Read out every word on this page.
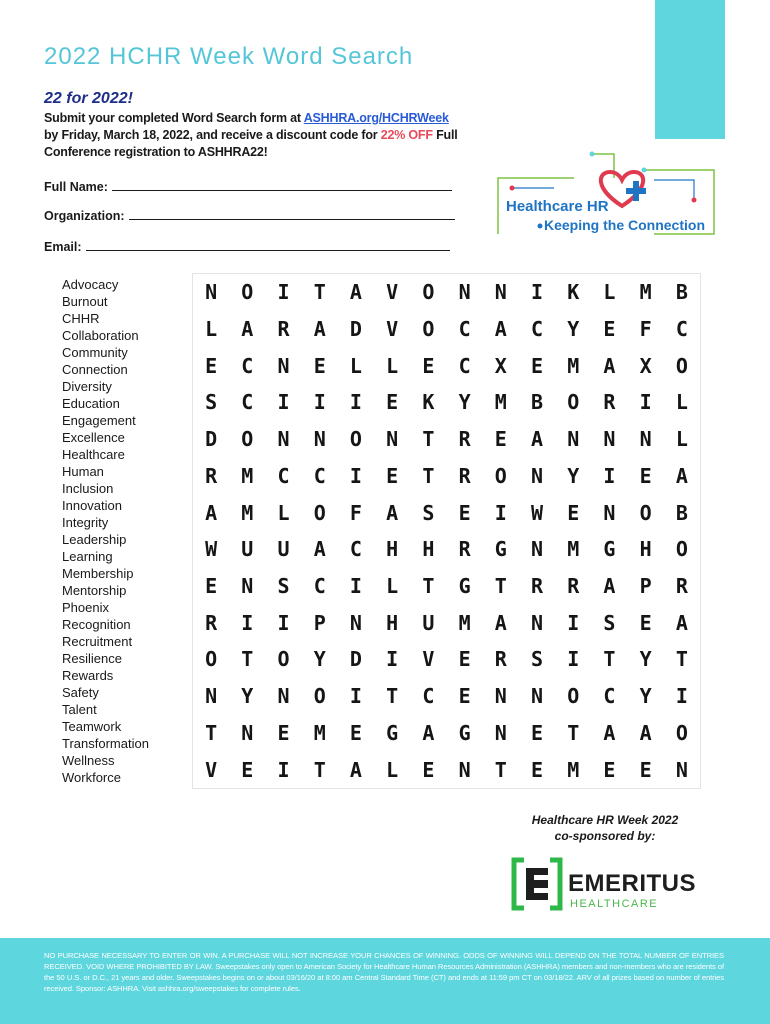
2022 HCHR Week Word Search
22 for 2022!

Submit your completed Word Search form at ASHHRA.org/HCHRWeek by Friday, March 18, 2022, and receive a discount code for 22% OFF Full Conference registration to ASHHRA22!

Full Name:
Organization:
Email:
Healthcare HR
Keeping the Connection
Advocacy
Burnout
CHHR
Collaboration
Community
Connection
Diversity
Education
Engagement
Excellence
Healthcare
Human
Inclusion
Innovation
Integrity
Leadership
Learning
Membership
Mentorship
Phoenix
Recognition
Recruitment
Resilience
Rewards
Safety
Talent
Teamwork
Transformation
Wellness
Workforce
N	O	I	T	A	V	O	N	N	I	K	L	M	B
L	A	R	A	D	V	O	C	A	C	Y	E	F	C
E	C	N	E	L	L	E	C	X	E	M	A	X	O
S	C	I	I	I	E	K	Y	M	B	O	R	I	L
D	O	N	N	O	N	T	R	E	A	N	N	N	L
R	M	C	C	I	E	T	R	O	N	Y	I	E	A
A	M	L	O	F	A	S	E	I	W	E	N	O	B
W	U	U	A	C	H	H	R	G	N	M	G	H	O
E	N	S	C	I	L	T	G	T	R	R	A	P	R
R	I	I	P	N	H	U	M	A	N	I	S	E	A
O	T	O	Y	D	I	V	E	R	S	I	T	Y	T
N	Y	N	O	I	T	C	E	N	N	O	C	Y	I
T	N	E	M	E	G	A	G	N	E	T	A	A	O
V	E	I	T	A	L	E	N	T	E	M	E	E	N
Healthcare HR Week 2022
co-sponsored by:
EMERITUS
HEALTHCARE

NO PURCHASE NECESSARY TO ENTER OR WIN. A PURCHASE WILL NOT INCREASE YOUR CHANCES OF WINNING. ODDS OF WINNING WILL DEPEND ON THE TOTAL NUMBER OF ENTRIES RECEIVED. VOID WHERE PROHIBITED BY LAW. Sweepstakes only open to American Society for Healthcare Human Resources Administration (ASHHRA) members and non-members who are residents of the 50 U.S. or D.C., 21 years and older. Sweepstakes begins on or about 03/16/20 at 8:00 am Central Standard Time (CT) and ends at 11:59 pm CT on 03/18/22. ARV of all prizes based on number of entries received. Sponsor: ASHHRA. Visit ashhra.org/sweepstakes for complete rules.
